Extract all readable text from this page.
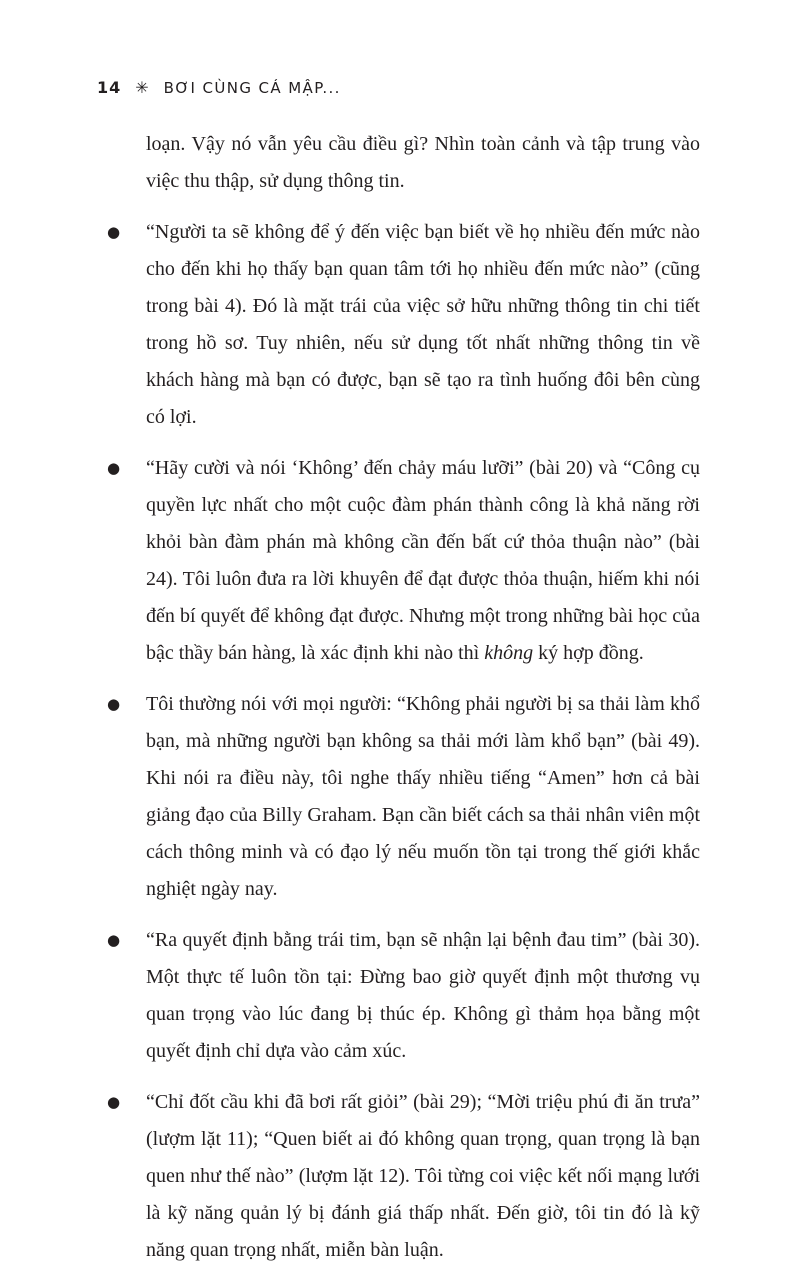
14 ✳ BƠI CÙNG CÁ MẬP...

loạn. Vậy nó vẫn yêu cầu điều gì? Nhìn toàn cảnh và tập trung vào việc thu thập, sử dụng thông tin.

● “Người ta sẽ không để ý đến việc bạn biết về họ nhiều đến mức nào cho đến khi họ thấy bạn quan tâm tới họ nhiều đến mức nào” (cũng trong bài 4). Đó là mặt trái của việc sở hữu những thông tin chi tiết trong hồ sơ. Tuy nhiên, nếu sử dụng tốt nhất những thông tin về khách hàng mà bạn có được, bạn sẽ tạo ra tình huống đôi bên cùng có lợi.
● “Hãy cười và nói ‘Không’ đến chảy máu lưỡi” (bài 20) và “Công cụ quyền lực nhất cho một cuộc đàm phán thành công là khả năng rời khỏi bàn đàm phán mà không cần đến bất cứ thỏa thuận nào” (bài 24). Tôi luôn đưa ra lời khuyên để đạt được thỏa thuận, hiếm khi nói đến bí quyết để không đạt được. Nhưng một trong những bài học của bậc thầy bán hàng, là xác định khi nào thì không ký hợp đồng.
● Tôi thường nói với mọi người: “Không phải người bị sa thải làm khổ bạn, mà những người bạn không sa thải mới làm khổ bạn” (bài 49). Khi nói ra điều này, tôi nghe thấy nhiều tiếng “Amen” hơn cả bài giảng đạo của Billy Graham. Bạn cần biết cách sa thải nhân viên một cách thông minh và có đạo lý nếu muốn tồn tại trong thế giới khắc nghiệt ngày nay.
● “Ra quyết định bằng trái tim, bạn sẽ nhận lại bệnh đau tim” (bài 30). Một thực tế luôn tồn tại: Đừng bao giờ quyết định một thương vụ quan trọng vào lúc đang bị thúc ép. Không gì thảm họa bằng một quyết định chỉ dựa vào cảm xúc.
● “Chỉ đốt cầu khi đã bơi rất giỏi” (bài 29); “Mời triệu phú đi ăn trưa” (lượm lặt 11); “Quen biết ai đó không quan trọng, quan trọng là bạn quen như thế nào” (lượm lặt 12). Tôi từng coi việc kết nối mạng lưới là kỹ năng quản lý bị đánh giá thấp nhất. Đến giờ, tôi tin đó là kỹ năng quan trọng nhất, miễn bàn luận.
